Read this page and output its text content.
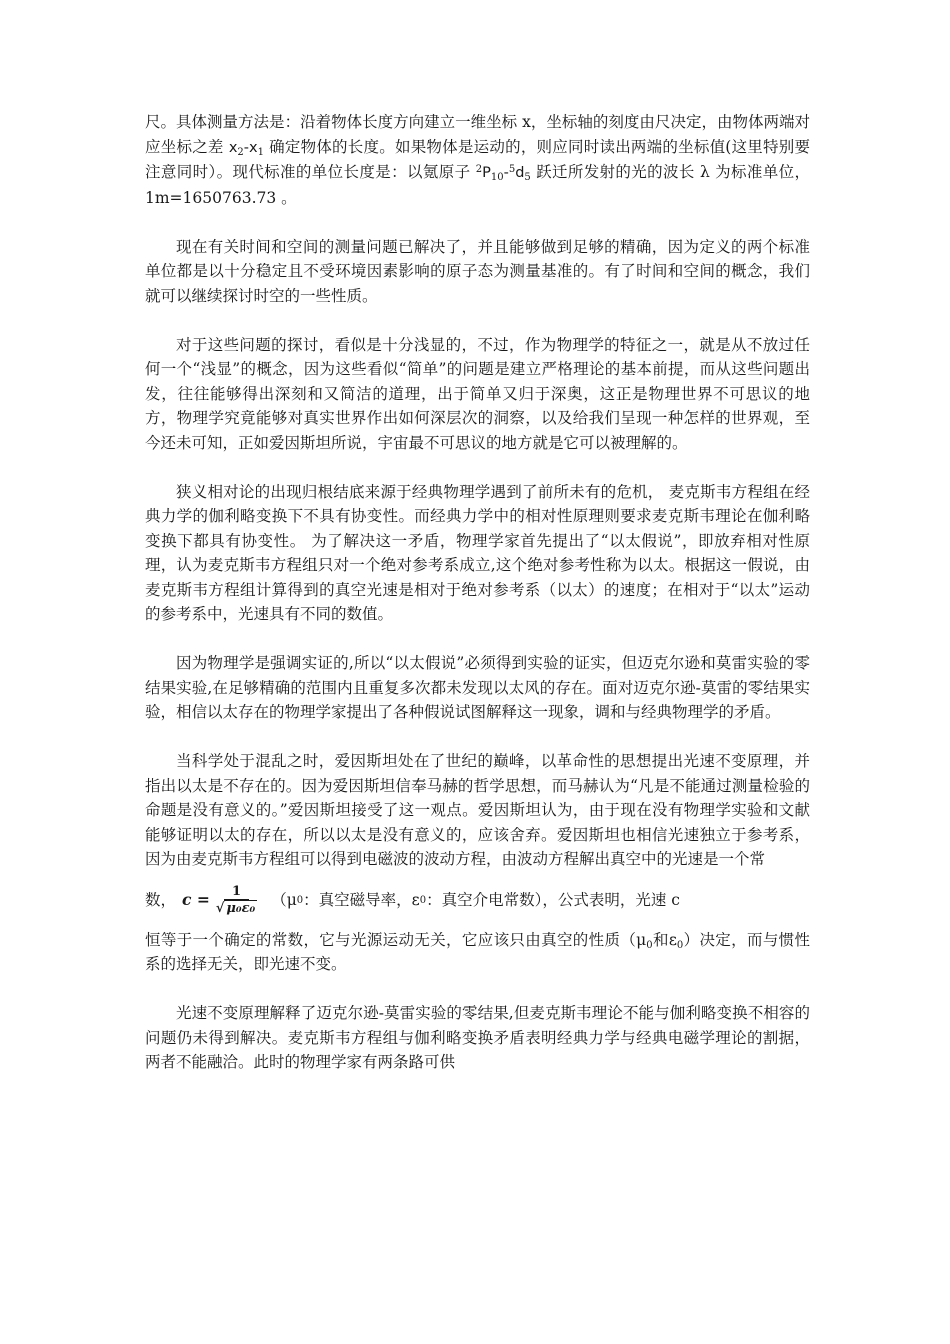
尺。具体测量方法是：沿着物体长度方向建立一维坐标 x，坐标轴的刻度由尺决定，由物体两端对应坐标之差 $x_2-x_1$ 确定物体的长度。如果物体是运动的，则应同时读出两端的坐标值(这里特别要注意同时）。现代标准的单位长度是：以氪原子 $^2P_{10}-^5d_5$ 跃迁所发射的光的波长 λ 为标准单位，1m=1650763.73 。

现在有关时间和空间的测量问题已解决了，并且能够做到足够的精确，因为定义的两个标准单位都是以十分稳定且不受环境因素影响的原子态为测量基准的。有了时间和空间的概念，我们就可以继续探讨时空的一些性质。

对于这些问题的探讨，看似是十分浅显的，不过，作为物理学的特征之一，就是从不放过任何一个“浅显”的概念，因为这些看似“简单”的问题是建立严格理论的基本前提，而从这些问题出发，往往能够得出深刻和又简洁的道理，出于简单又归于深奥，这正是物理世界不可思议的地方，物理学究竟能够对真实世界作出如何深层次的洞察，以及给我们呈现一种怎样的世界观，至今还未可知，正如爱因斯坦所说，宇宙最不可思议的地方就是它可以被理解的。

狭义相对论的出现归根结底来源于经典物理学遇到了前所未有的危机， 麦克斯韦方程组在经典力学的伽利略变换下不具有协变性。而经典力学中的相对性原理则要求麦克斯韦理论在伽利略变换下都具有协变性。 为了解决这一矛盾，物理学家首先提出了“以太假说”，即放弃相对性原理，认为麦克斯韦方程组只对一个绝对参考系成立,这个绝对参考性称为以太。根据这一假说，由麦克斯韦方程组计算得到的真空光速是相对于绝对参考系（以太）的速度；在相对于“以太”运动的参考系中，光速具有不同的数值。

因为物理学是强调实证的,所以“以太假说”必须得到实验的证实，但迈克尔逊和莫雷实验的零结果实验,在足够精确的范围内且重复多次都未发现以太风的存在。面对迈克尔逊-莫雷的零结果实验，相信以太存在的物理学家提出了各种假说试图解释这一现象，调和与经典物理学的矛盾。

当科学处于混乱之时，爱因斯坦处在了世纪的巅峰，以革命性的思想提出光速不变原理，并指出以太是不存在的。因为爱因斯坦信奉马赫的哲学思想，而马赫认为“凡是不能通过测量检验的命题是没有意义的。”爱因斯坦接受了这一观点。爱因斯坦认为，由于现在没有物理学实验和文献能够证明以太的存在，所以以太是没有意义的，应该舍弃。爱因斯坦也相信光速独立于参考系，因为由麦克斯韦方程组可以得到电磁波的波动方程，由波动方程解出真空中的光速是一个常
数， $c = \frac{1}{\text{√ μ₀ε₀}} (\mu$ 0 ：真空磁导率，ε 0 ：真空介电常数），公式表明，光速 c
恒等于一个确定的常数，它与光源运动无关，它应该只由真空的性质（$\mu_0$和$\varepsilon_0$）决定，而与惯性系的选择无关，即光速不变。

光速不变原理解释了迈克尔逊-莫雷实验的零结果,但麦克斯韦理论不能与伽利略变换不相容的问题仍未得到解决。麦克斯韦方程组与伽利略变换矛盾表明经典力学与经典电磁学理论的割据，两者不能融洽。此时的物理学家有两条路可供
